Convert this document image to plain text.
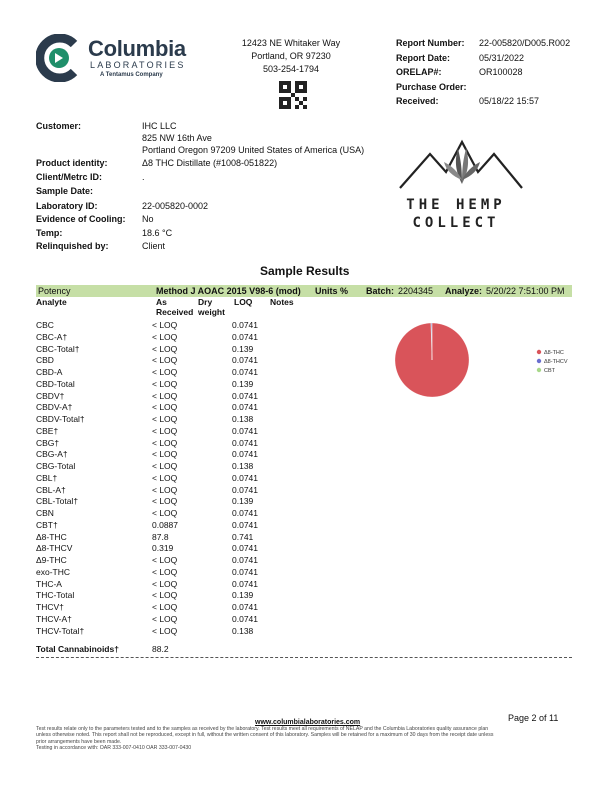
Columbia
LABORATORIES
A Tentamus Company
12423 NE Whitaker Way
Portland, OR 97230
503-254-1794
Report Number: 22-005820/D005.R002
Report Date:	05/31/2022
ORELAP#:	OR100028
Purchase Order:
Received:	05/18/22 15:57
Customer:	IHC LLC
825 NW 16th Ave
Portland Oregon 97209 United States of America (USA)
Product identity:	Δ8 THC Distillate (#1008-051822)
Client/Metrc ID:	.
Sample Date:
Laboratory ID:	22-005820-0002
Evidence of Cooling: No
Temp:	18.6 °C
Relinquished by:	Client
THE HEMP
COLLECT
Sample Results
Potency	Method J AOAC 2015 V98-6 (mod) Units % Batch: 2204345 Analyze: 5/20/22 7:51:00 PM
Analyte	As
Received
Dry
weight
LOQ Notes
CBC	< LOQ	0.0741
CBC-A†	< LOQ	0.0741
CBC-Total†	< LOQ	0.139
CBD	< LOQ	0.0741
CBD-A	< LOQ	0.0741
CBD-Total	< LOQ	0.139
CBDV†	< LOQ	0.0741
CBDV-A†	< LOQ	0.0741
CBDV-Total†	< LOQ	0.138
CBE†	< LOQ	0.0741
CBG†	< LOQ	0.0741
CBG-A†	< LOQ	0.0741
CBG-Total	< LOQ	0.138
CBL†	< LOQ	0.0741
CBL-A†	< LOQ	0.0741
CBL-Total†	< LOQ	0.139
CBN	< LOQ	0.0741
CBT†	0.0887	0.0741
Δ8-THC	87.8	0.741
Δ8-THCV	0.319	0.0741
Δ9-THC	< LOQ	0.0741
exo-THC	< LOQ	0.0741
THC-A	< LOQ	0.0741
THC-Total	< LOQ	0.139
THCV†	< LOQ	0.0741
THCV-A†	< LOQ	0.0741
THCV-Total†	< LOQ	0.138
Total Cannabinoids†	88.2
Δ8-THC
Δ8-THCV
CBT
www.columbialaboratories.com	Page 2 of 11
Test results relate only to the parameters tested and to the samples as received by the laboratory. Test results meet all requirements of NELAP and the Columbia Laboratories quality assurance plan
unless otherwise noted. This report shall not be reproduced, except in full, without the written consent of this laboratory. Samples will be retained for a maximum of 30 days from the receipt date unless
prior arrangements have been made.
Testing in accordance with: OAR 333-007-0410 OAR 333-007-0430
